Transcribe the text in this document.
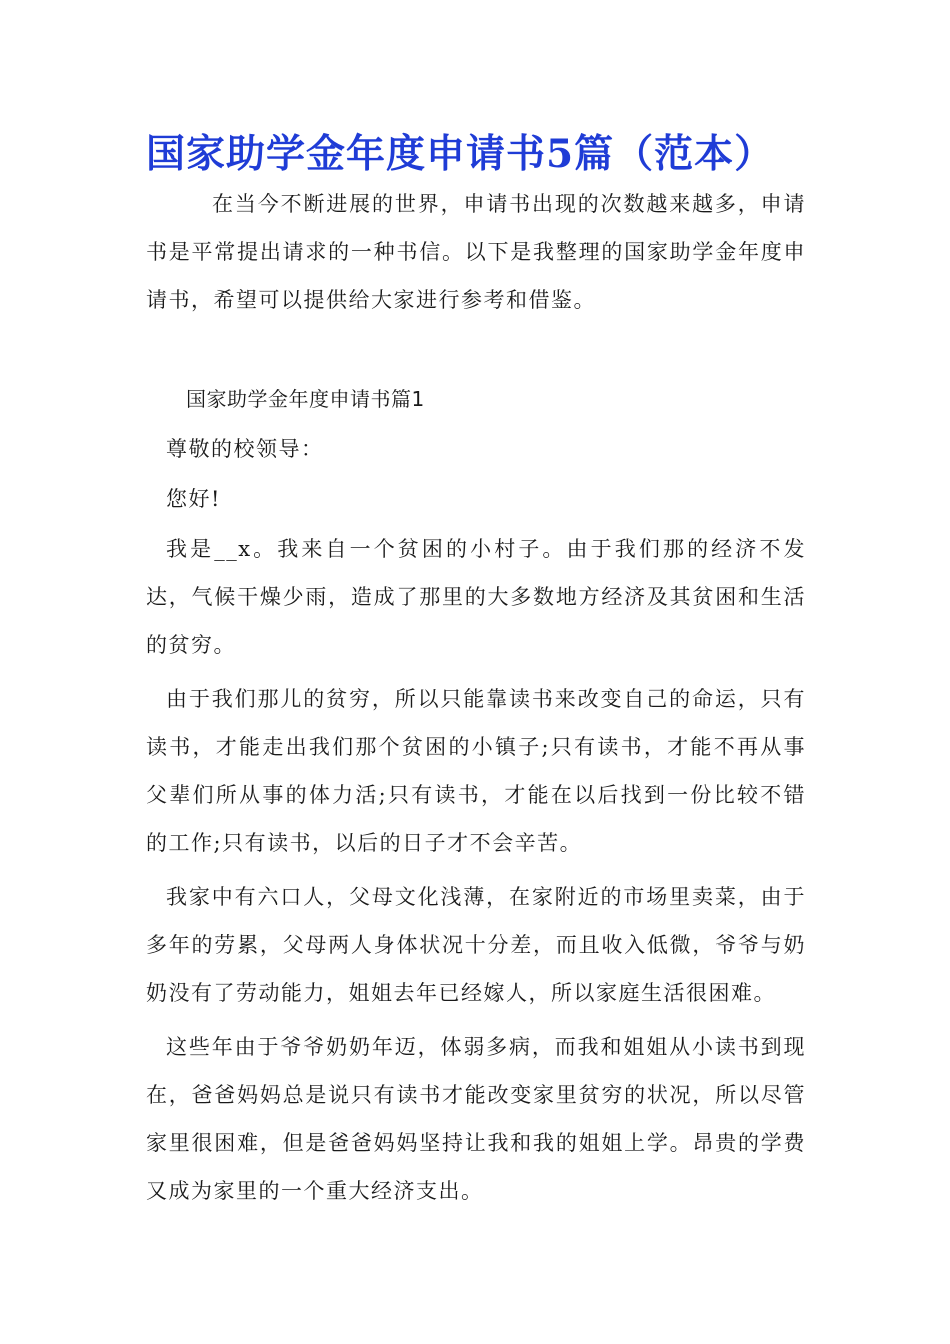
国家助学金年度申请书5篇（范本）

在当今不断进展的世界，申请书出现的次数越来越多，申请书是平常提出请求的一种书信。以下是我整理的国家助学金年度申请书，希望可以提供给大家进行参考和借鉴。

国家助学金年度申请书篇1

尊敬的校领导：

您好!

我是__x。我来自一个贫困的小村子。由于我们那的经济不发达，气候干燥少雨，造成了那里的大多数地方经济及其贫困和生活的贫穷。

由于我们那儿的贫穷，所以只能靠读书来改变自己的命运，只有读书，才能走出我们那个贫困的小镇子;只有读书，才能不再从事父辈们所从事的体力活;只有读书，才能在以后找到一份比较不错的工作;只有读书，以后的日子才不会辛苦。

我家中有六口人，父母文化浅薄，在家附近的市场里卖菜，由于多年的劳累，父母两人身体状况十分差，而且收入低微，爷爷与奶奶没有了劳动能力，姐姐去年已经嫁人，所以家庭生活很困难。

这些年由于爷爷奶奶年迈，体弱多病，而我和姐姐从小读书到现在，爸爸妈妈总是说只有读书才能改变家里贫穷的状况，所以尽管家里很困难，但是爸爸妈妈坚持让我和我的姐姐上学。昂贵的学费又成为家里的一个重大经济支出。
